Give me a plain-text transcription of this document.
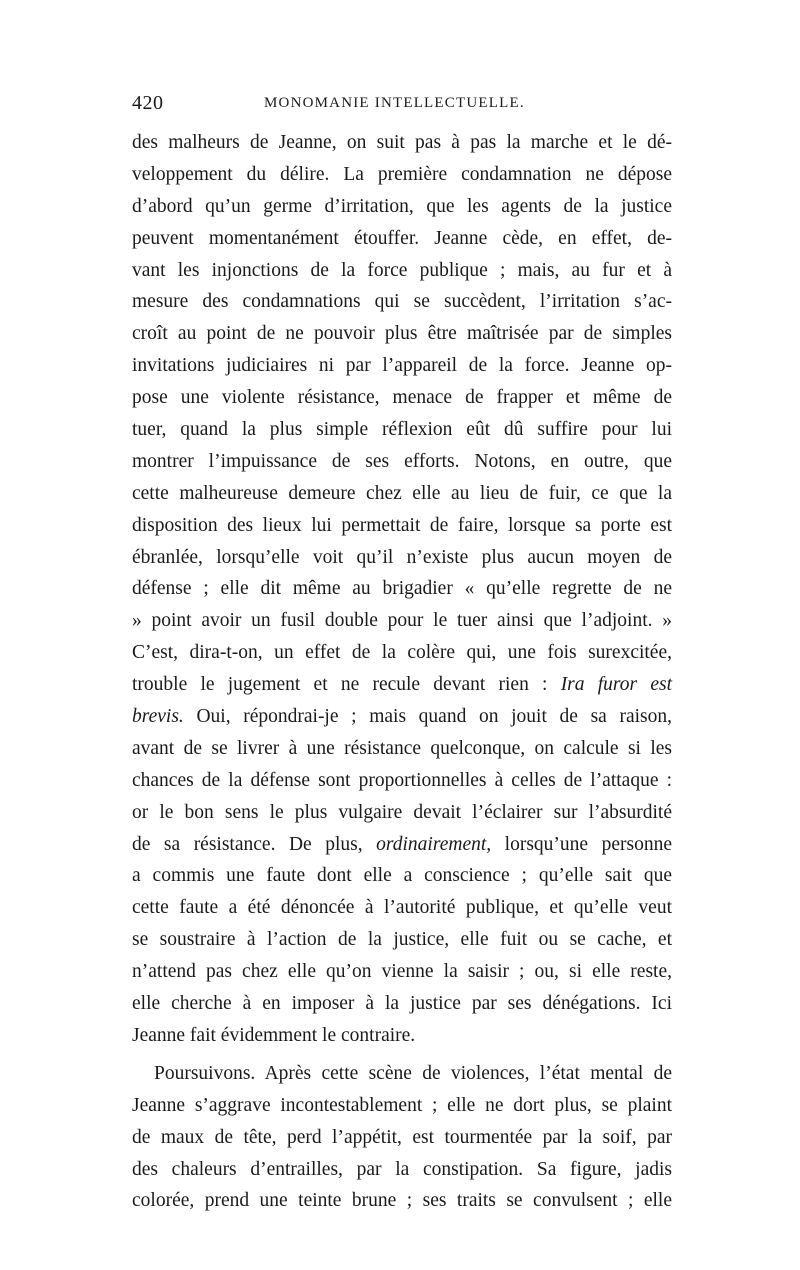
420	MONOMANIE INTELLECTUELLE.
des malheurs de Jeanne, on suit pas à pas la marche et le dé-
veloppement du délire. La première condamnation ne dépose
d’abord qu’un germe d’irritation, que les agents de la justice
peuvent momentanément étouffer. Jeanne cède, en effet, de-
vant les injonctions de la force publique ; mais, au fur et à
mesure des condamnations qui se succèdent, l’irritation s’ac-
croît au point de ne pouvoir plus être maîtrisée par de simples
invitations judiciaires ni par l’appareil de la force. Jeanne op-
pose une violente résistance, menace de frapper et même de
tuer, quand la plus simple réflexion eût dû suffire pour lui
montrer l’impuissance de ses efforts. Notons, en outre, que
cette malheureuse demeure chez elle au lieu de fuir, ce que la
disposition des lieux lui permettait de faire, lorsque sa porte est
ébranlée, lorsqu’elle voit qu’il n’existe plus aucun moyen de
défense ; elle dit même au brigadier « qu’elle regrette de ne
» point avoir un fusil double pour le tuer ainsi que l’adjoint. »
C’est, dira-t-on, un effet de la colère qui, une fois surexcitée,
trouble le jugement et ne recule devant rien : Ira furor est
brevis. Oui, répondrai-je ; mais quand on jouit de sa raison,
avant de se livrer à une résistance quelconque, on calcule si les
chances de la défense sont proportionnelles à celles de l’attaque :
or le bon sens le plus vulgaire devait l’éclairer sur l’absurdité
de sa résistance. De plus, ordinairement, lorsqu’une personne
a commis une faute dont elle a conscience ; qu’elle sait que
cette faute a été dénoncée à l’autorité publique, et qu’elle veut
se soustraire à l’action de la justice, elle fuit ou se cache, et
n’attend pas chez elle qu’on vienne la saisir ; ou, si elle reste,
elle cherche à en imposer à la justice par ses dénégations. Ici
Jeanne fait évidemment le contraire.
Poursuivons. Après cette scène de violences, l’état mental de
Jeanne s’aggrave incontestablement ; elle ne dort plus, se plaint
de maux de tête, perd l’appétit, est tourmentée par la soif, par
des chaleurs d’entrailles, par la constipation. Sa figure, jadis
colorée, prend une teinte brune ; ses traits se convulsent ; elle
